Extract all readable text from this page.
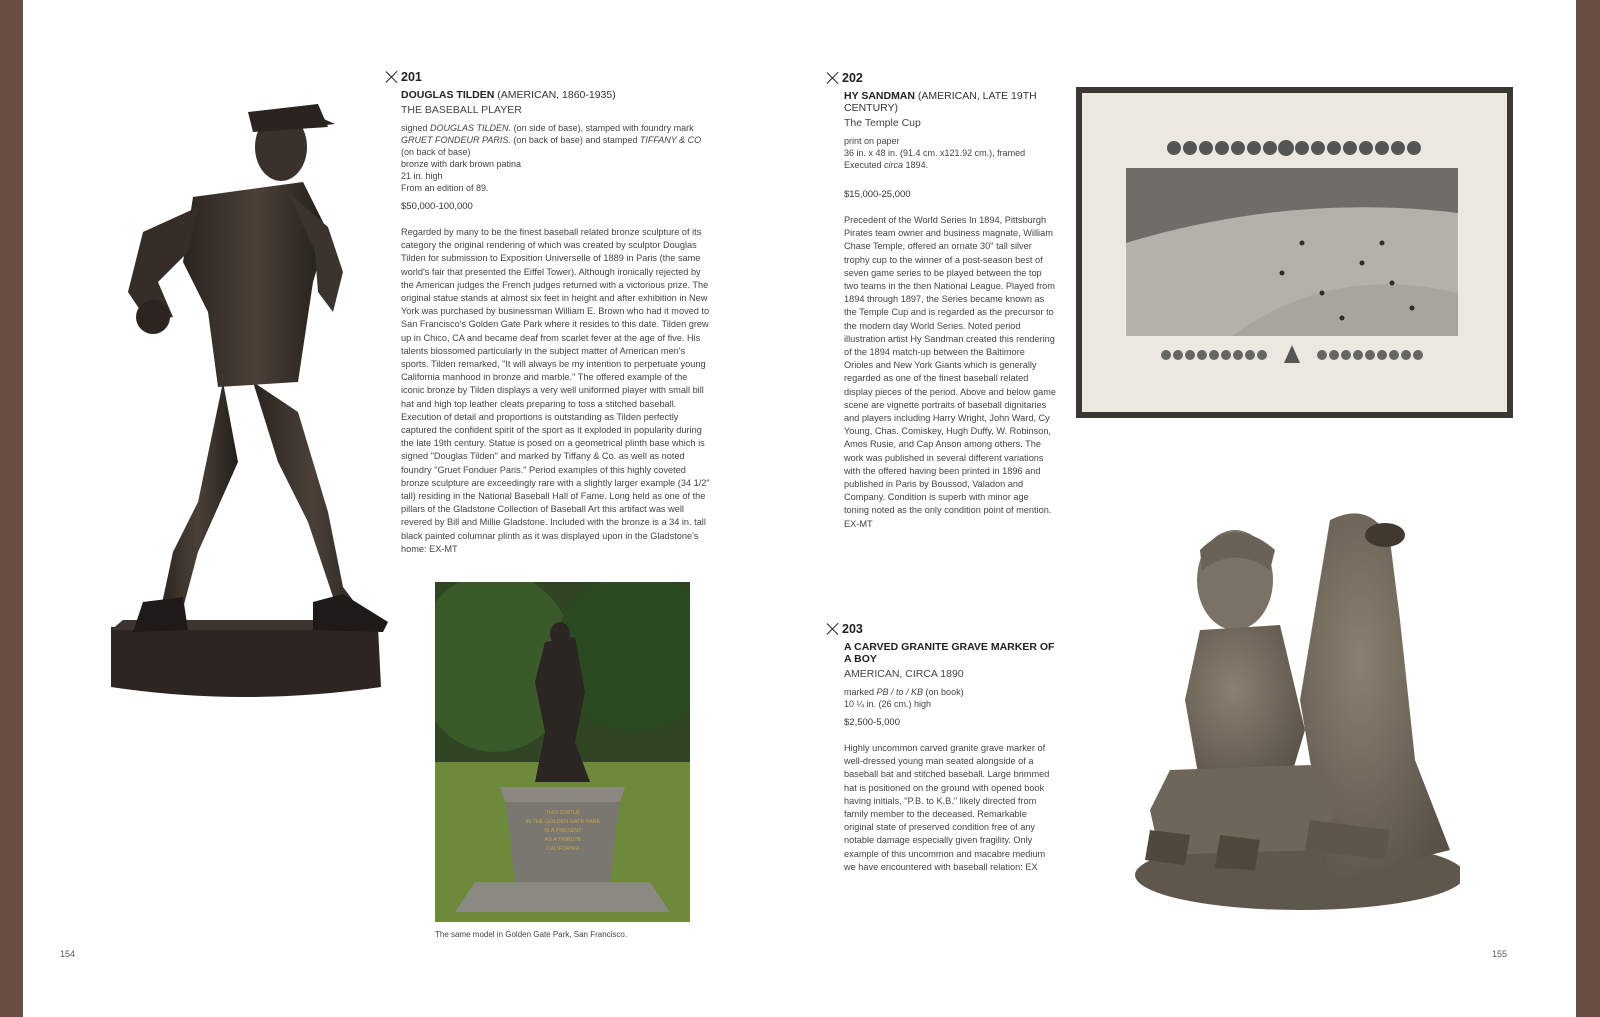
201
DOUGLAS TILDEN (AMERICAN, 1860-1935)
THE BASEBALL PLAYER
signed DOUGLAS TILDEN. (on side of base), stamped with foundry mark
GRUET FONDEUR PARIS. (on back of base) and stamped TIFFANY & CO
(on back of base)
bronze with dark brown patina
21 in. high
From an edition of 89.
$50,000-100,000
Regarded by many to be the finest baseball related bronze sculpture of its category the original rendering of which was created by sculptor Douglas Tilden for submission to Exposition Universelle of 1889 in Paris (the same world's fair that presented the Eiffel Tower). Although ironically rejected by the American judges the French judges returned with a victorious prize. The original statue stands at almost six feet in height and after exhibition in New York was purchased by businessman William E. Brown who had it moved to San Francisco's Golden Gate Park where it resides to this date. Tilden grew up in Chico, CA and became deaf from scarlet fever at the age of five. His talents blossomed particularly in the subject matter of American men's sports. Tilden remarked, "It will always be my intention to perpetuate young California manhood in bronze and marble." The offered example of the iconic bronze by Tilden displays a very well uniformed player with small bill hat and high top leather cleats preparing to toss a stitched baseball. Execution of detail and proportions is outstanding as Tilden perfectly captured the confident spirit of the sport as it exploded in popularity during the late 19th century. Statue is posed on a geometrical plinth base which is signed "Douglas Tilden" and marked by Tiffany & Co. as well as noted foundry "Gruet Fonduer Paris." Period examples of this highly coveted bronze sculpture are exceedingly rare with a slightly larger example (34 1/2" tall) residing in the National Baseball Hall of Fame. Long held as one of the pillars of the Gladstone Collection of Baseball Art this artifact was well revered by Bill and Millie Gladstone. Included with the bronze is a 34 in. tall black painted columnar plinth as it was displayed upon in the Gladstone's home: EX-MT
THIS STATUE
IN THE GOLDEN GATE PARK
IS A PRESENT
AS A TRIBUTE
CALIFORNIA
The same model in Golden Gate Park, San Francisco.
154
202
HY SANDMAN (AMERICAN, LATE 19TH CENTURY)
The Temple Cup
print on paper
36 in. x 48 in. (91.4 cm. x121.92 cm.), framed
Executed circa 1894.
$15,000-25,000
Precedent of the World Series In 1894, Pittsburgh Pirates team owner and business magnate, William Chase Temple, offered an ornate 30" tall silver trophy cup to the winner of a post-season best of seven game series to be played between the top two teams in the then National League. Played from 1894 through 1897, the Series became known as the Temple Cup and is regarded as the precursor to the modern day World Series. Noted period illustration artist Hy Sandman created this rendering of the 1894 match-up between the Baltimore Orioles and New York Giants which is generally regarded as one of the finest baseball related display pieces of the period. Above and below game scene are vignette portraits of baseball dignitaries and players including Harry Wright, John Ward, Cy Young, Chas. Comiskey, Hugh Duffy, W. Robinson, Amos Rusie, and Cap Anson among others. The work was published in several different variations with the offered having been printed in 1896 and published in Paris by Boussod, Valadon and Company. Condition is superb with minor age toning noted as the only condition point of mention. EX-MT
203
A CARVED GRANITE GRAVE MARKER OF A BOY
AMERICAN, CIRCA 1890
marked PB / to / KB (on book)
10 ¼ in. (26 cm.) high
$2,500-5,000
Highly uncommon carved granite grave marker of well-dressed young man seated alongside of a baseball bat and stitched baseball. Large brimmed hat is positioned on the ground with opened book having initials, "P.B. to K.B." likely directed from family member to the deceased. Remarkable original state of preserved condition free of any notable damage especially given fragility. Only example of this uncommon and macabre medium we have encountered with baseball relation: EX
155
